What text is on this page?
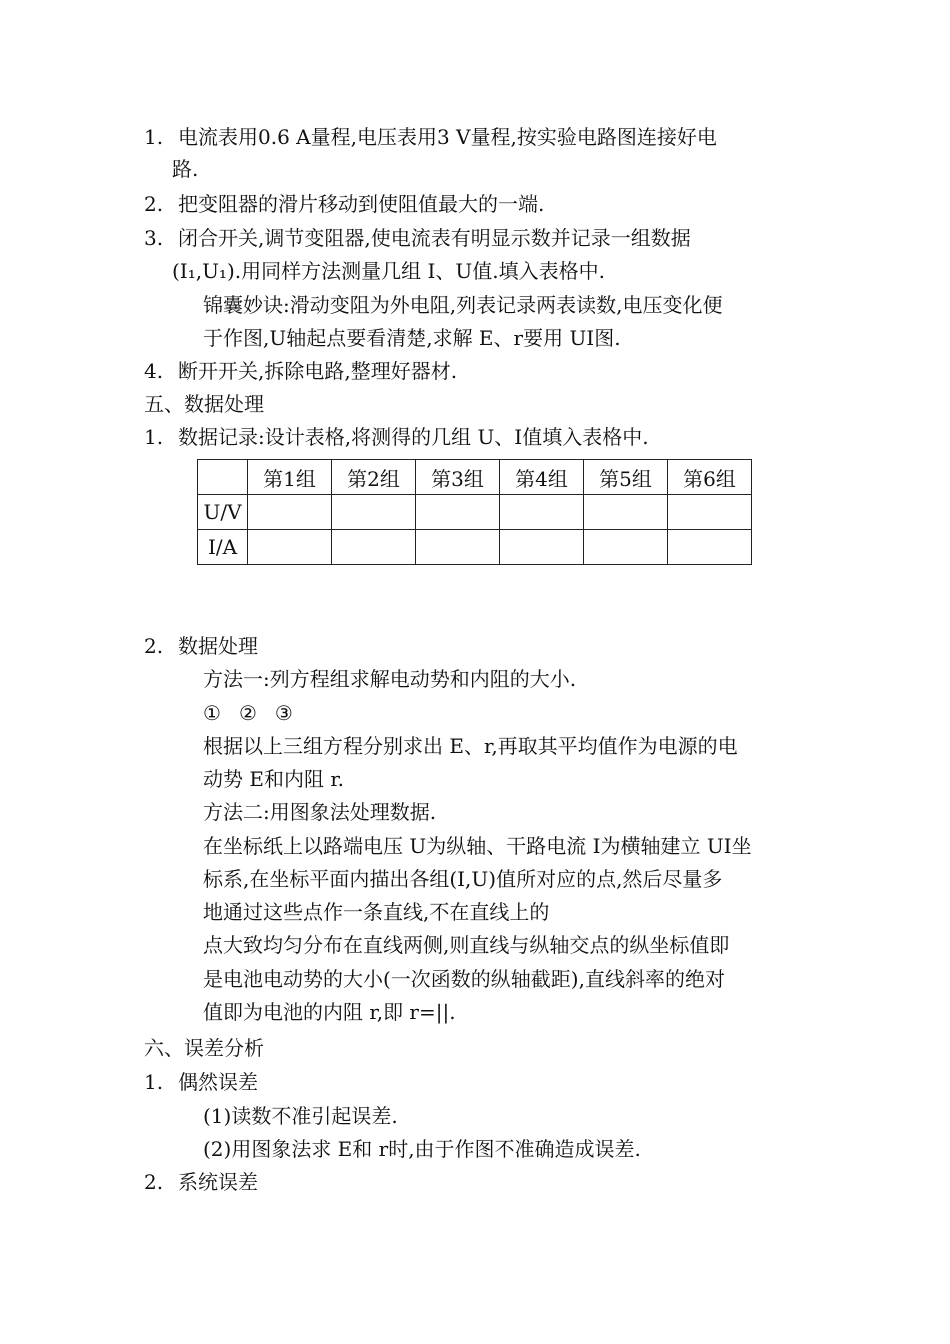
1. 电流表用0.6 A量程,电压表用3 V量程,按实验电路图连接好电
路.
2. 把变阻器的滑片移动到使阻值最大的一端.
3. 闭合开关,调节变阻器,使电流表有明显示数并记录一组数据
(I₁,U₁).用同样方法测量几组 I、U值.填入表格中.
锦囊妙诀:滑动变阻为外电阻,列表记录两表读数,电压变化便
于作图,U轴起点要看清楚,求解 E、r要用 UI图.
4. 断开开关,拆除电路,整理好器材.
五、数据处理
1. 数据记录:设计表格,将测得的几组 U、I值填入表格中.
	第1组	第2组	第3组	第4组	第5组	第6组
U/V						
I/A						
2. 数据处理
方法一:列方程组求解电动势和内阻的大小.
① ② ③
根据以上三组方程分别求出 E、r,再取其平均值作为电源的电
动势 E和内阻 r.
方法二:用图象法处理数据.
在坐标纸上以路端电压 U为纵轴、干路电流 I为横轴建立 UI坐
标系,在坐标平面内描出各组(I,U)值所对应的点,然后尽量多
地通过这些点作一条直线,不在直线上的
点大致均匀分布在直线两侧,则直线与纵轴交点的纵坐标值即
是电池电动势的大小(一次函数的纵轴截距),直线斜率的绝对
值即为电池的内阻 r,即 r=||.
六、误差分析
1. 偶然误差
(1)读数不准引起误差.
(2)用图象法求 E和 r时,由于作图不准确造成误差.
2. 系统误差
